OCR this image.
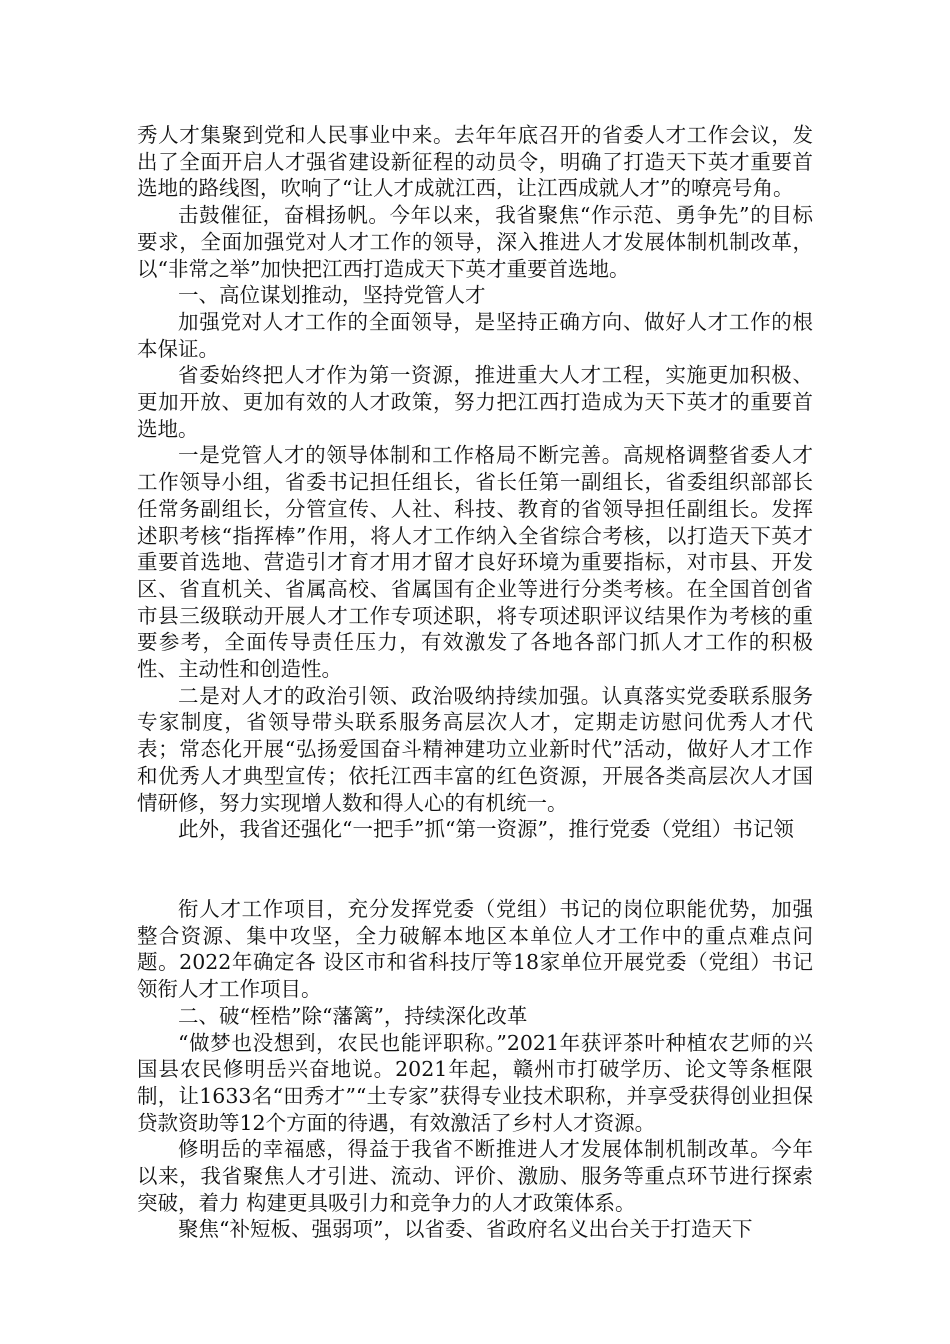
秀人才集聚到党和人民事业中来。去年年底召开的省委人才工作会议，发出了全面开启人才强省建设新征程的动员令，明确了打造天下英才重要首选地的路线图，吹响了“让人才成就江西，让江西成就人才”的嘹亮号角。

击鼓催征，奋楫扬帆。今年以来，我省聚焦“作示范、勇争先”的目标要求，全面加强党对人才工作的领导，深入推进人才发展体制机制改革，以“非常之举”加快把江西打造成天下英才重要首选地。

一、高位谋划推动，坚持党管人才

加强党对人才工作的全面领导，是坚持正确方向、做好人才工作的根本保证。

省委始终把人才作为第一资源，推进重大人才工程，实施更加积极、更加开放、更加有效的人才政策，努力把江西打造成为天下英才的重要首选地。

一是党管人才的领导体制和工作格局不断完善。高规格调整省委人才工作领导小组，省委书记担任组长，省长任第一副组长，省委组织部部长任常务副组长，分管宣传、人社、科技、教育的省领导担任副组长。发挥述职考核“指挥棒”作用，将人才工作纳入全省综合考核，以打造天下英才重要首选地、营造引才育才用才留才良好环境为重要指标，对市县、开发区、省直机关、省属高校、省属国有企业等进行分类考核。在全国首创省市县三级联动开展人才工作专项述职，将专项述职评议结果作为考核的重要参考，全面传导责任压力，有效激发了各地各部门抓人才工作的积极性、主动性和创造性。

二是对人才的政治引领、政治吸纳持续加强。认真落实党委联系服务专家制度，省领导带头联系服务高层次人才，定期走访慰问优秀人才代表；常态化开展“弘扬爱国奋斗精神建功立业新时代”活动，做好人才工作和优秀人才典型宣传；依托江西丰富的红色资源，开展各类高层次人才国情研修，努力实现增人数和得人心的有机统一。

此外，我省还强化“一把手”抓“第一资源”，推行党委（党组）书记领

衔人才工作项目，充分发挥党委（党组）书记的岗位职能优势，加强整合资源、集中攻坚，全力破解本地区本单位人才工作中的重点难点问题。2022年确定各 设区市和省科技厅等18家单位开展党委（党组）书记领衔人才工作项目。

二、破“桎梏”除“藩篱”，持续深化改革

“做梦也没想到，农民也能评职称。”2021年获评茶叶种植农艺师的兴国县农民修明岳兴奋地说。2021年起，赣州市打破学历、论文等条框限制，让1633名“田秀才”“土专家”获得专业技术职称，并享受获得创业担保贷款资助等12个方面的待遇，有效激活了乡村人才资源。

修明岳的幸福感，得益于我省不断推进人才发展体制机制改革。今年以来，我省聚焦人才引进、流动、评价、激励、服务等重点环节进行探索突破，着力 构建更具吸引力和竞争力的人才政策体系。

聚焦“补短板、强弱项”，以省委、省政府名义出台关于打造天下
